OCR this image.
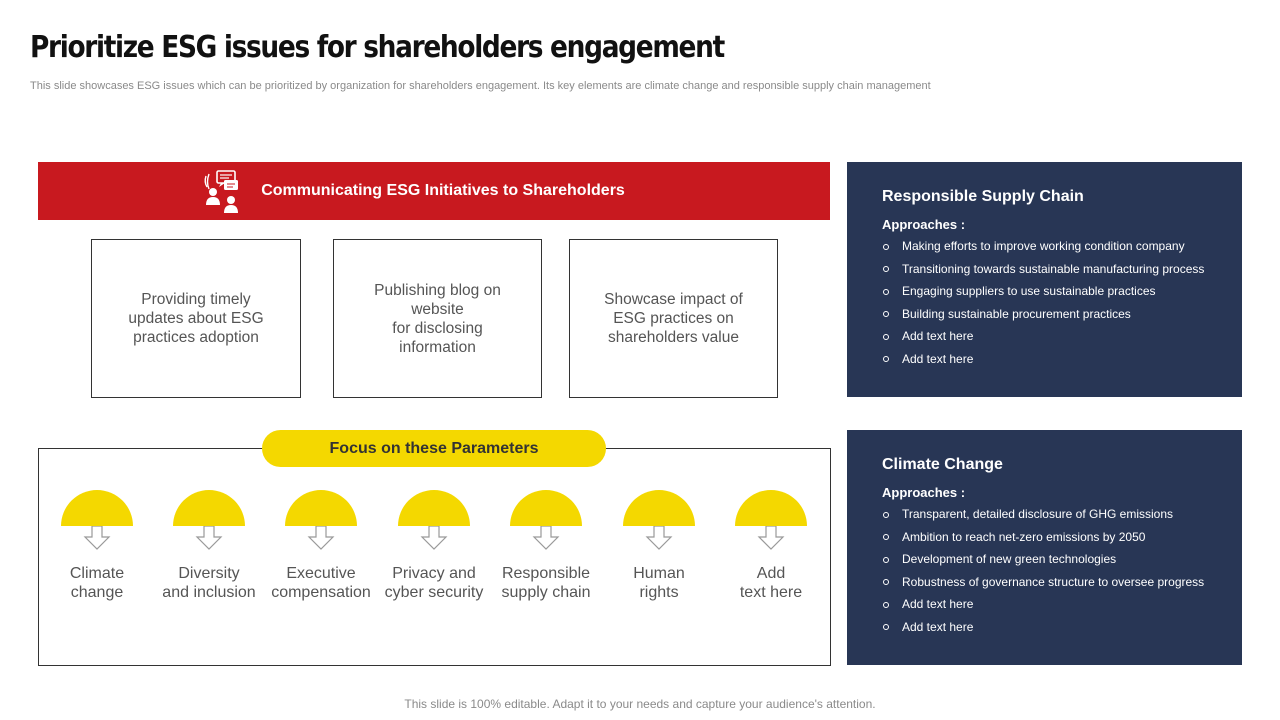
Prioritize ESG issues for shareholders engagement
This slide showcases ESG issues which can be prioritized by organization for shareholders engagement. Its key elements are climate change and responsible supply chain management
Communicating ESG Initiatives to Shareholders
Providing timely
updates about ESG
practices adoption
Publishing blog on website
for disclosing information
Showcase impact of
ESG practices on
shareholders value
Focus on these Parameters
Climate
change
Diversity
and inclusion
Executive
compensation
Privacy and
cyber security
Responsible
supply chain
Human
rights
Add
text here
Responsible Supply Chain
Approaches :
Making efforts to improve working condition company
Transitioning towards sustainable manufacturing process
Engaging suppliers to use sustainable practices
Building sustainable procurement practices
Add text here
Add text here
Climate Change
Approaches :
Transparent, detailed disclosure of GHG emissions
Ambition to reach net-zero emissions by 2050
Development of new green technologies
Robustness of governance structure to oversee progress
Add text here
Add text here
This slide is 100% editable. Adapt it to your needs and capture your audience's attention.
